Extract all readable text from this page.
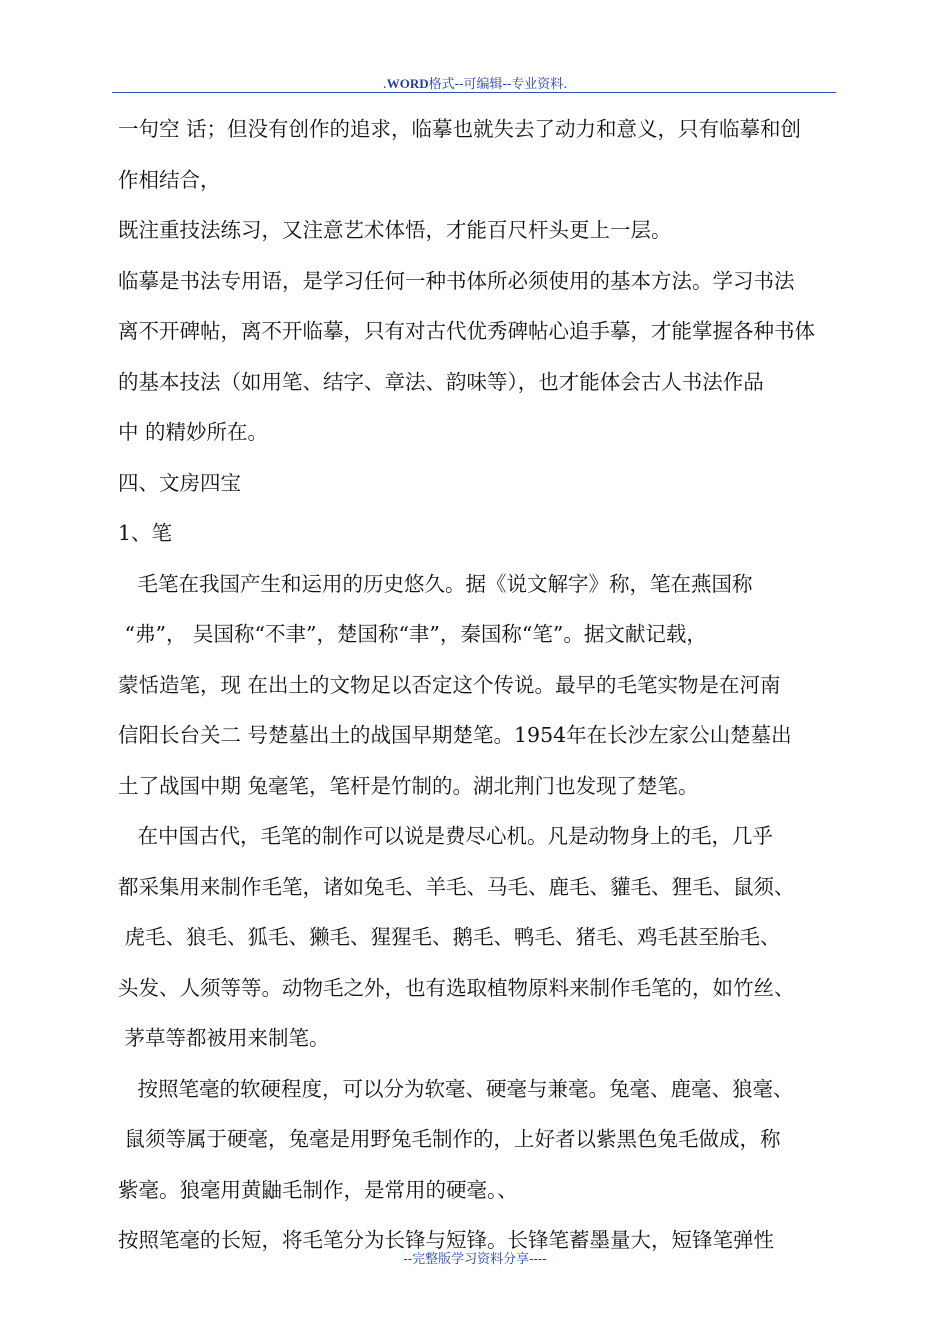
.WORD格式--可编辑--专业资料.
一句空 话；但没有创作的追求，临摹也就失去了动力和意义，只有临摹和创
作相结合，
既注重技法练习，又注意艺术体悟，才能百尺杆头更上一层。
临摹是书法专用语，是学习任何一种书体所必须使用的基本方法。学习书法
离不开碑帖，离不开临摹，只有对古代优秀碑帖心追手摹，才能掌握各种书体
的基本技法（如用笔、结字、章法、韵味等），也才能体会古人书法作品
中 的精妙所在。
四、文房四宝
1、笔
毛笔在我国产生和运用的历史悠久。据《说文解字》称，笔在燕国称
“弗”， 吴国称“不聿”，楚国称“聿”，秦国称“笔”。据文献记载，
蒙恬造笔，现 在出土的文物足以否定这个传说。最早的毛笔实物是在河南
信阳长台关二 号楚墓出土的战国早期楚笔。1954年在长沙左家公山楚墓出
土了战国中期 兔毫笔，笔杆是竹制的。湖北荆门也发现了楚笔。
在中国古代，毛笔的制作可以说是费尽心机。凡是动物身上的毛，几乎
都采集用来制作毛笔，诸如兔毛、羊毛、马毛、鹿毛、貛毛、狸毛、鼠须、
虎毛、狼毛、狐毛、獭毛、猩猩毛、鹅毛、鸭毛、猪毛、鸡毛甚至胎毛、
头发、人须等等。动物毛之外，也有选取植物原料来制作毛笔的，如竹丝、
茅草等都被用来制笔。
按照笔毫的软硬程度，可以分为软毫、硬毫与兼毫。兔毫、鹿毫、狼毫、
鼠须等属于硬毫，兔毫是用野兔毛制作的，上好者以紫黑色兔毛做成，称
紫毫。狼毫用黄鼬毛制作，是常用的硬毫。、
按照笔毫的长短，将毛笔分为长锋与短锋。长锋笔蓄墨量大，短锋笔弹性
--完整版学习资料分享----
